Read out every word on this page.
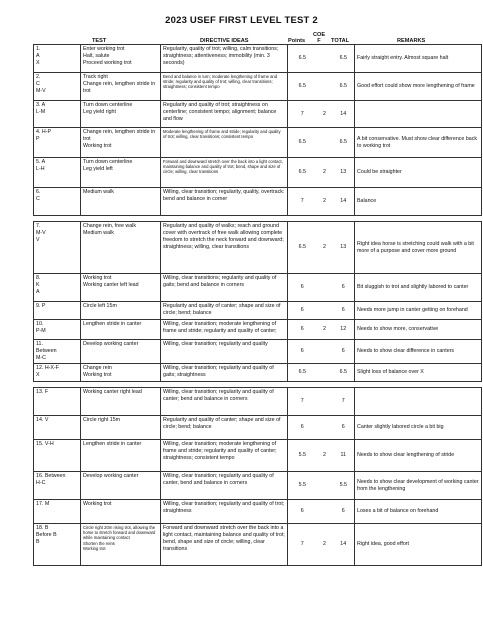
2023 USEF FIRST LEVEL TEST 2
TEST	DIRECTIVE IDEAS	Points
COE F	TOTAL	REMARKS
1.
A
X	Enter working trot
Halt, salute
Proceed working trot	Regularity, quality of trot; willing, calm transitions; straightness; attentiveness; immobility (min. 3 seconds)	6.5		6.5	Fairly straight entry. Almost square halt
2.
C
M-V	Track right
Change rein, lengthen stride in trot	Bend and balance in turn; moderate lengthening of frame and stride; regularity and quality of trot; willing, clear transitions; straightness; consistent tempo	6.5		6.5	Good effort could show more lengthening of frame
3. A
L-M	Turn down centerline
Leg yield right	Regularity and quality of trot; straightness on centerline; consistent tempo; alignment; balance and flow	7	2	14	
4. H-P
P	Change rein, lengthen stride in trot
Working trot	Moderate lengthening of frame and stride; regularity and quality of trot; willing, clear transitions; consistent tempo	6.5		6.5	A bit conservative. Must show clear difference back to working trot
5. A
L-H	Turn down centerline
Leg yield left	Forward and downward stretch over the back into a light contact, maintaining balance and quality of trot; bend, shape and size of circle; willing, clear transitions	6.5	2	13	Could be straighter
6.
C	Medium walk	Willing, clear transition; regularity, quality, overtrack: bend and balance in corner	7	2	14	Balance

7.
M-V
V	Change rein, free walk
Medium walk	Regularity and quality of walks; reach and ground cover with overtrack of free walk allowing complete freedom to stretch the neck forward and downward; straightness; willing, clear transitions	6.5	2	13	Right idea horse is stretching could walk with a bit more of a purpose and cover more ground
8.
K
A	Working trot
Working canter left lead	Willing, clear transitions; regularity and quality of gaits; bend and balance in corners	6		6	Bit sluggish to trot and slightly labored to canter
9. P	Circle left 15m	Regularity and quality of canter; shape and size of circle; bend; balance	6		6	Needs more jump in canter getting on forehand
10.
P-M	Lengthen stride in canter	Willing, clear transition; moderate lengthening of frame and stride; regularity and quality of canter;	6	2	12	Needs to show more, conservative
11.
Between
M-C	Develop working canter	Willing, clear transition; regularity and quality	6		6	Needs to show clear difference in canters
12. H-X-F
X	Change rein
Working trot	Willing, clear transition; regularity and quality of gaits; straightness	6.5		6.5	Slight loss of balance over X

13. F	Working canter right lead	Willing, clear transition; regularity and quality of canter; bend and balance in corners	7		7	
14. V	Circle right 15m	Regularity and quality of canter; shape and size of circle; bend; balance	6		6	Canter slightly labored circle a bit big
15. V-H	Lengthen stride in canter	Willing, clear transition; moderate lengthening of frame and stride; regularity and quality of canter; straightness; consistent tempo	5.5	2	11	Needs to show clear lengthening of stride
16. Between
H-C	Develop working canter	Willing, clear transition; regularity and quality of canter, bend and balance in corners	5.5		5.5	Needs to show clear development of working canter from the lengthening
17. M	Working trot	Willing, clear transition; regularity and quality of trot; straightness	6		6	Loses a bit of balance on forehand
18. B
Before B
B	Circle right 20m rising trot, allowing the horse to stretch forward and downward while maintaining contact
Shorten the reins
Working trot	Forward and downward stretch over the back into a light contact, maintaining balance and quality of trot; bend, shape and size of circle; willing, clear transitions	7	2	14	Right idea, good effort
